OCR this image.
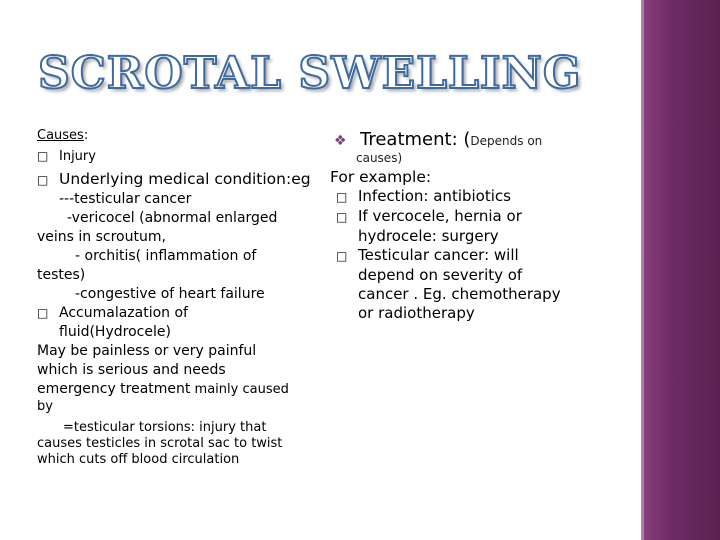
SCROTAL SWELLING
Causes:
□ Injury
□ Underlying medical condition:eg
---testicular cancer
-vericocel (abnormal enlarged
veins in scroutum,
- orchitis( inflammation of
testes)
-congestive of heart failure
□ Accumalazation of
fluid(Hydrocele)
May be painless or very painful
which is serious and needs
emergency treatment mainly caused
by
=testicular torsions: injury that
causes testicles in scrotal sac to twist
which cuts off blood circulation
❖ Treatment: (Depends on
causes)
For example:
□ Infection: antibiotics
□ If vercocele, hernia or
hydrocele: surgery
□ Testicular cancer: will
depend on severity of
cancer . Eg. chemotherapy
or radiotherapy
